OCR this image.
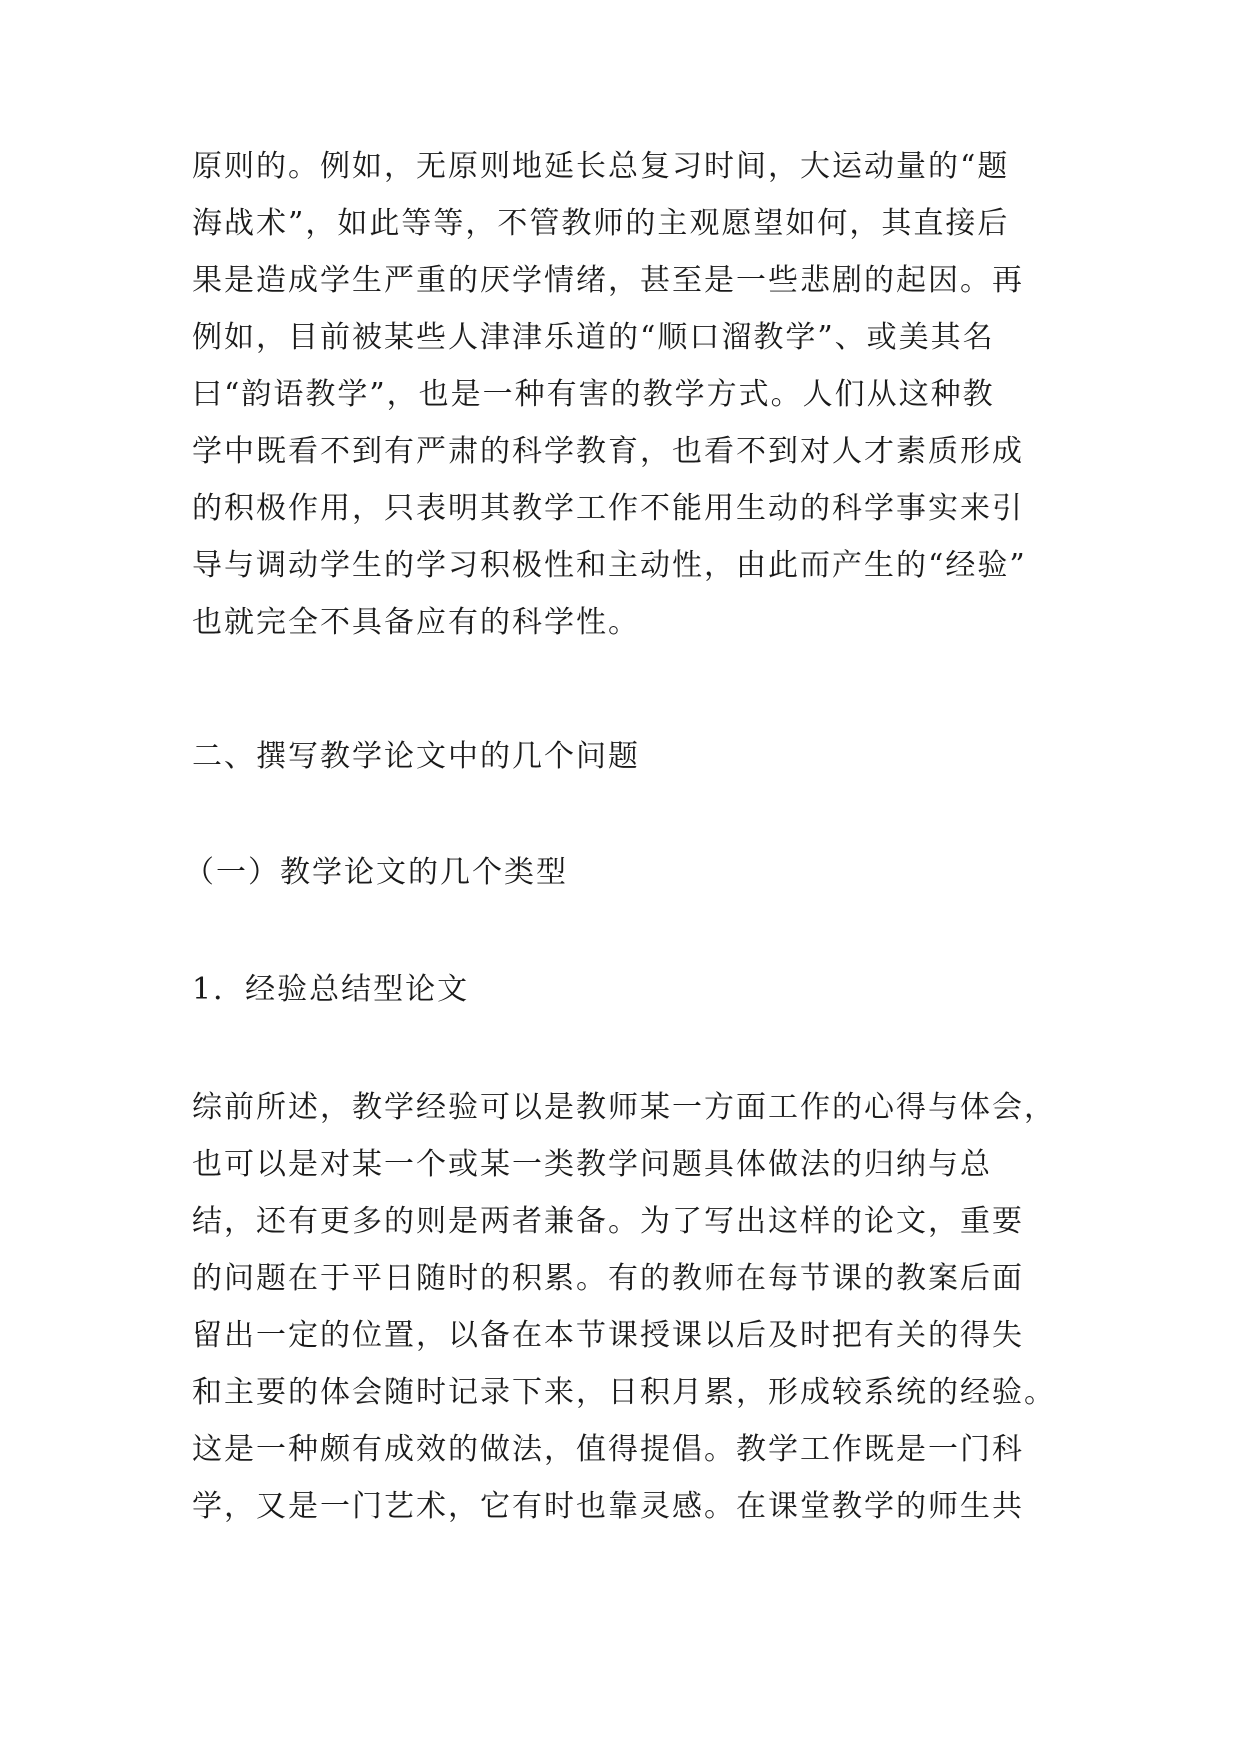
原则的。例如，无原则地延长总复习时间，大运动量的“题
海战术”，如此等等，不管教师的主观愿望如何，其直接后
果是造成学生严重的厌学情绪，甚至是一些悲剧的起因。再
例如，目前被某些人津津乐道的“顺口溜教学”、或美其名
曰“韵语教学”，也是一种有害的教学方式。人们从这种教
学中既看不到有严肃的科学教育，也看不到对人才素质形成
的积极作用，只表明其教学工作不能用生动的科学事实来引
导与调动学生的学习积极性和主动性，由此而产生的“经验”
也就完全不具备应有的科学性。
二、撰写教学论文中的几个问题
（一）教学论文的几个类型
1．经验总结型论文
综前所述，教学经验可以是教师某一方面工作的心得与体会，
也可以是对某一个或某一类教学问题具体做法的归纳与总
结，还有更多的则是两者兼备。为了写出这样的论文，重要
的问题在于平日随时的积累。有的教师在每节课的教案后面
留出一定的位置，以备在本节课授课以后及时把有关的得失
和主要的体会随时记录下来，日积月累，形成较系统的经验。
这是一种颇有成效的做法，值得提倡。教学工作既是一门科
学，又是一门艺术，它有时也靠灵感。在课堂教学的师生共
